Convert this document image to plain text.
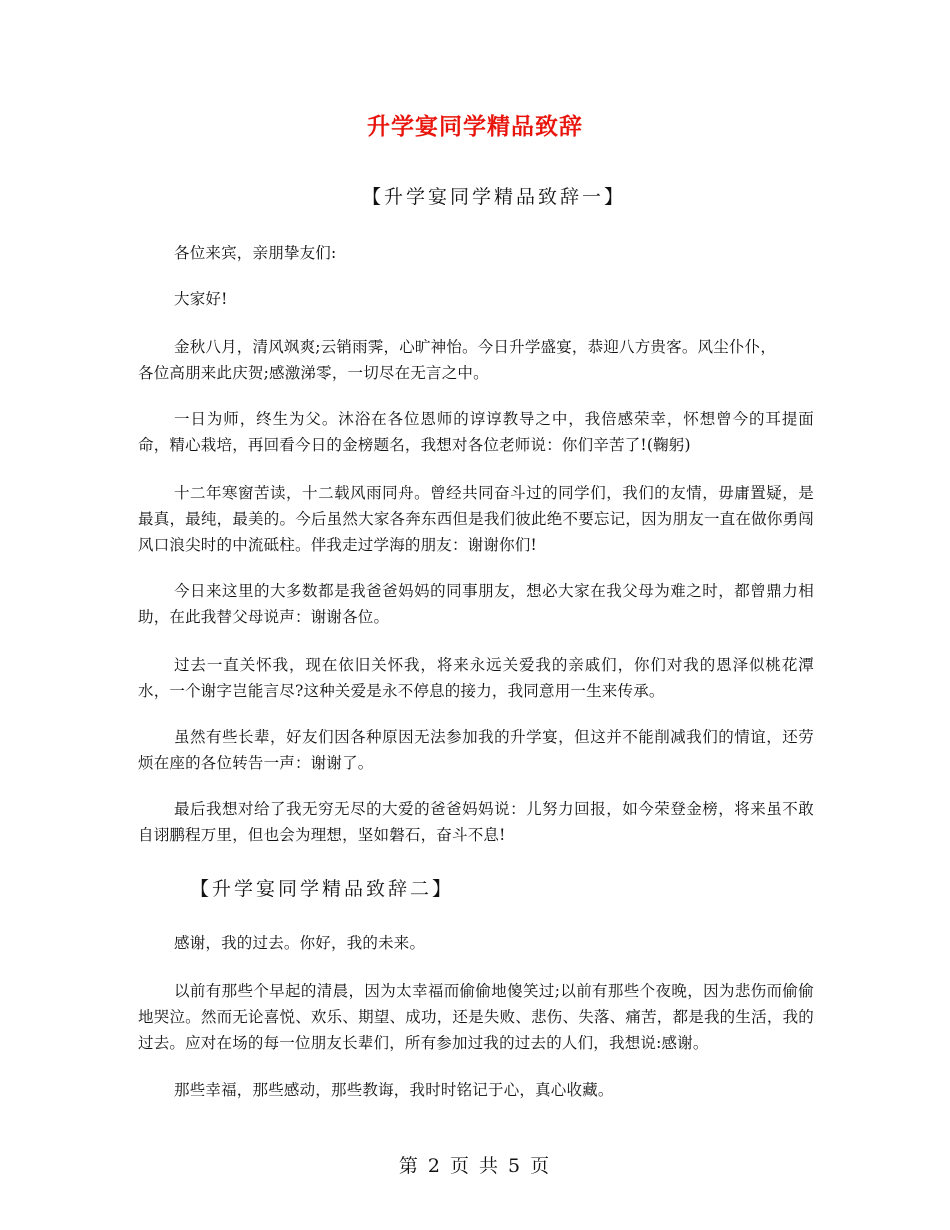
升学宴同学精品致辞
【升学宴同学精品致辞一】
各位来宾，亲朋挚友们:
大家好!
金秋八月，清风飒爽;云销雨霁，心旷神怡。今日升学盛宴，恭迎八方贵客。风尘仆仆，
各位高朋来此庆贺;感激涕零，一切尽在无言之中。
一日为师，终生为父。沐浴在各位恩师的谆谆教导之中，我倍感荣幸，怀想曾今的耳提面命，精心栽培，再回看今日的金榜题名，我想对各位老师说：你们辛苦了!(鞠躬)
十二年寒窗苦读，十二载风雨同舟。曾经共同奋斗过的同学们，我们的友情，毋庸置疑，是最真，最纯，最美的。今后虽然大家各奔东西但是我们彼此绝不要忘记，因为朋友一直在做你勇闯风口浪尖时的中流砥柱。伴我走过学海的朋友：谢谢你们!
今日来这里的大多数都是我爸爸妈妈的同事朋友，想必大家在我父母为难之时，都曾鼎力相助，在此我替父母说声：谢谢各位。
过去一直关怀我，现在依旧关怀我，将来永远关爱我的亲戚们，你们对我的恩泽似桃花潭水，一个谢字岂能言尽?这种关爱是永不停息的接力，我同意用一生来传承。
虽然有些长辈，好友们因各种原因无法参加我的升学宴，但这并不能削减我们的情谊，还劳烦在座的各位转告一声：谢谢了。
最后我想对给了我无穷无尽的大爱的爸爸妈妈说：儿努力回报，如今荣登金榜，将来虽不敢自诩鹏程万里，但也会为理想，坚如磐石，奋斗不息!
【升学宴同学精品致辞二】
感谢，我的过去。你好，我的未来。
以前有那些个早起的清晨，因为太幸福而偷偷地傻笑过;以前有那些个夜晚，因为悲伤而偷偷地哭泣。然而无论喜悦、欢乐、期望、成功，还是失败、悲伤、失落、痛苦，都是我的生活，我的过去。应对在场的每一位朋友长辈们，所有参加过我的过去的人们，我想说:感谢。
那些幸福，那些感动，那些教诲，我时时铭记于心，真心收藏。
第 2 页 共 5 页
